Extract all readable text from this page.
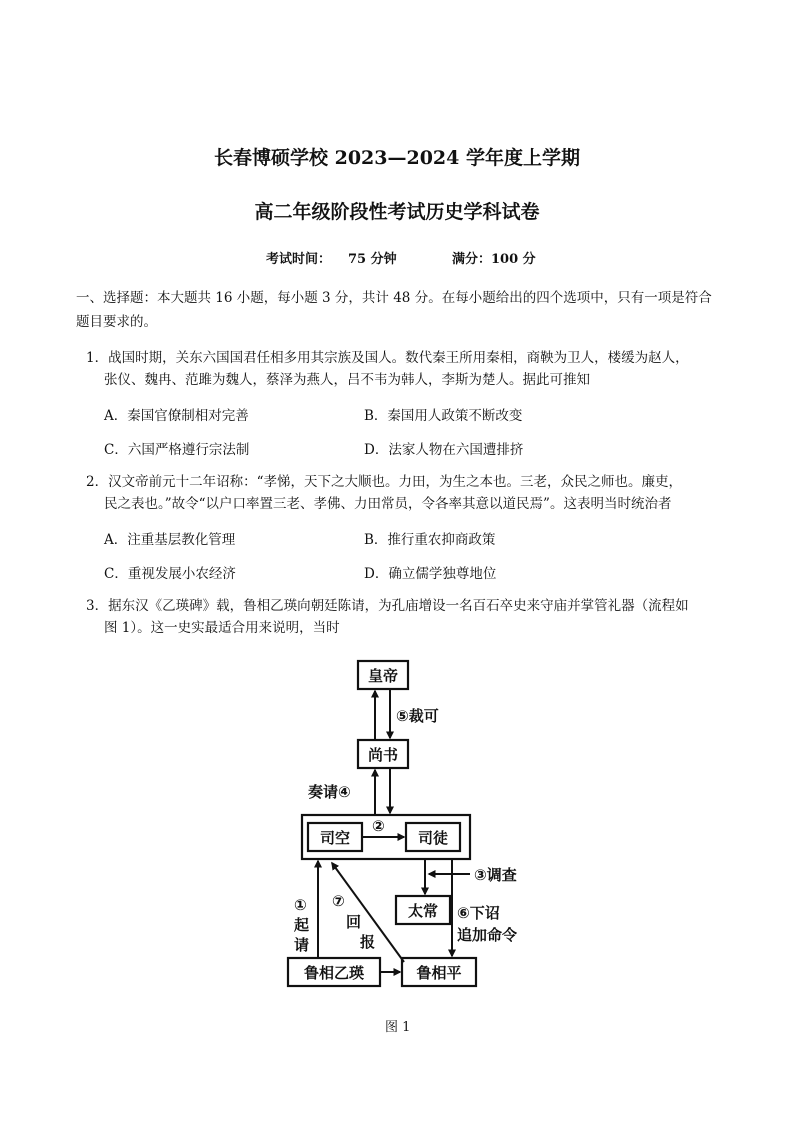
长春博硕学校 2023—2024 学年度上学期
高二年级阶段性考试历史学科试卷
考试时间： 75 分钟	满分：100 分
一、选择题：本大题共 16 小题，每小题 3 分，共计 48 分。在每小题给出的四个选项中，只有一项是符合
题目要求的。
1．战国时期，关东六国国君任相多用其宗族及国人。数代秦王所用秦相，商鞅为卫人，楼缓为赵人，
张仪、魏冉、范雎为魏人，蔡泽为燕人，吕不韦为韩人，李斯为楚人。据此可推知
A．秦国官僚制相对完善	B．秦国用人政策不断改变
C．六国严格遵行宗法制	D．法家人物在六国遭排挤
2．汉文帝前元十二年诏称：“孝悌，天下之大顺也。力田，为生之本也。三老，众民之师也。廉吏，
民之表也。”故令“以户口率置三老、孝佛、力田常员，令各率其意以道民焉”。这表明当时统治者
A．注重基层教化管理	B．推行重农抑商政策
C．重视发展小农经济	D．确立儒学独尊地位
3．据东汉《乙瑛碑》载，鲁相乙瑛向朝廷陈请，为孔庙增设一名百石卒史来守庙并掌管礼器（流程如
图 1）。这一史实最适合用来说明，当时
皇帝
尚书
司空	司徒
太常
鲁相乙瑛	鲁相平
⑤裁可
奏请④
②
③调查
①
起
请
⑦
回
报
⑥下诏
追加命令
图 1
